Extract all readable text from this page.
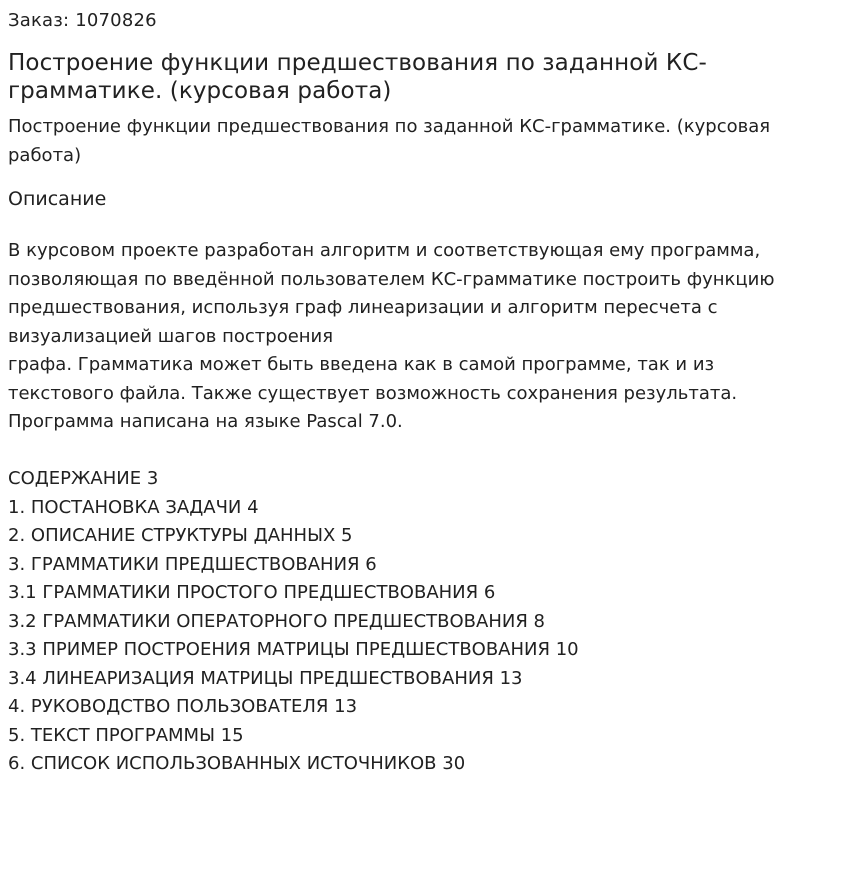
Заказ: 1070826

Построение функции предшествования по заданной КС-грамматике. (курсовая работа)

Построение функции предшествования по заданной КС-грамматике. (курсовая работа)

Описание

В курсовом проекте разработан алгоритм и соответствующая ему программа,

позволяющая по введённой пользователем КС-грамматике построить функцию

предшествования, используя граф линеаризации и алгоритм пересчета с

визуализацией шагов построения

графа. Грамматика может быть введена как в самой программе, так и из

текстового файла. Также существует возможность сохранения результата.

Программа написана на языке Pascal 7.0.

СОДЕРЖАНИЕ 3

1. ПОСТАНОВКА ЗАДАЧИ 4

2. ОПИСАНИЕ СТРУКТУРЫ ДАННЫХ 5

3. ГРАММАТИКИ ПРЕДШЕСТВОВАНИЯ 6

3.1 ГРАММАТИКИ ПРОСТОГО ПРЕДШЕСТВОВАНИЯ 6

3.2 ГРАММАТИКИ ОПЕРАТОРНОГО ПРЕДШЕСТВОВАНИЯ 8

3.3 ПРИМЕР ПОСТРОЕНИЯ МАТРИЦЫ ПРЕДШЕСТВОВАНИЯ 10

3.4 ЛИНЕАРИЗАЦИЯ МАТРИЦЫ ПРЕДШЕСТВОВАНИЯ 13

4. РУКОВОДСТВО ПОЛЬЗОВАТЕЛЯ 13

5. ТЕКСТ ПРОГРАММЫ 15

6. СПИСОК ИСПОЛЬЗОВАННЫХ ИСТОЧНИКОВ 30
